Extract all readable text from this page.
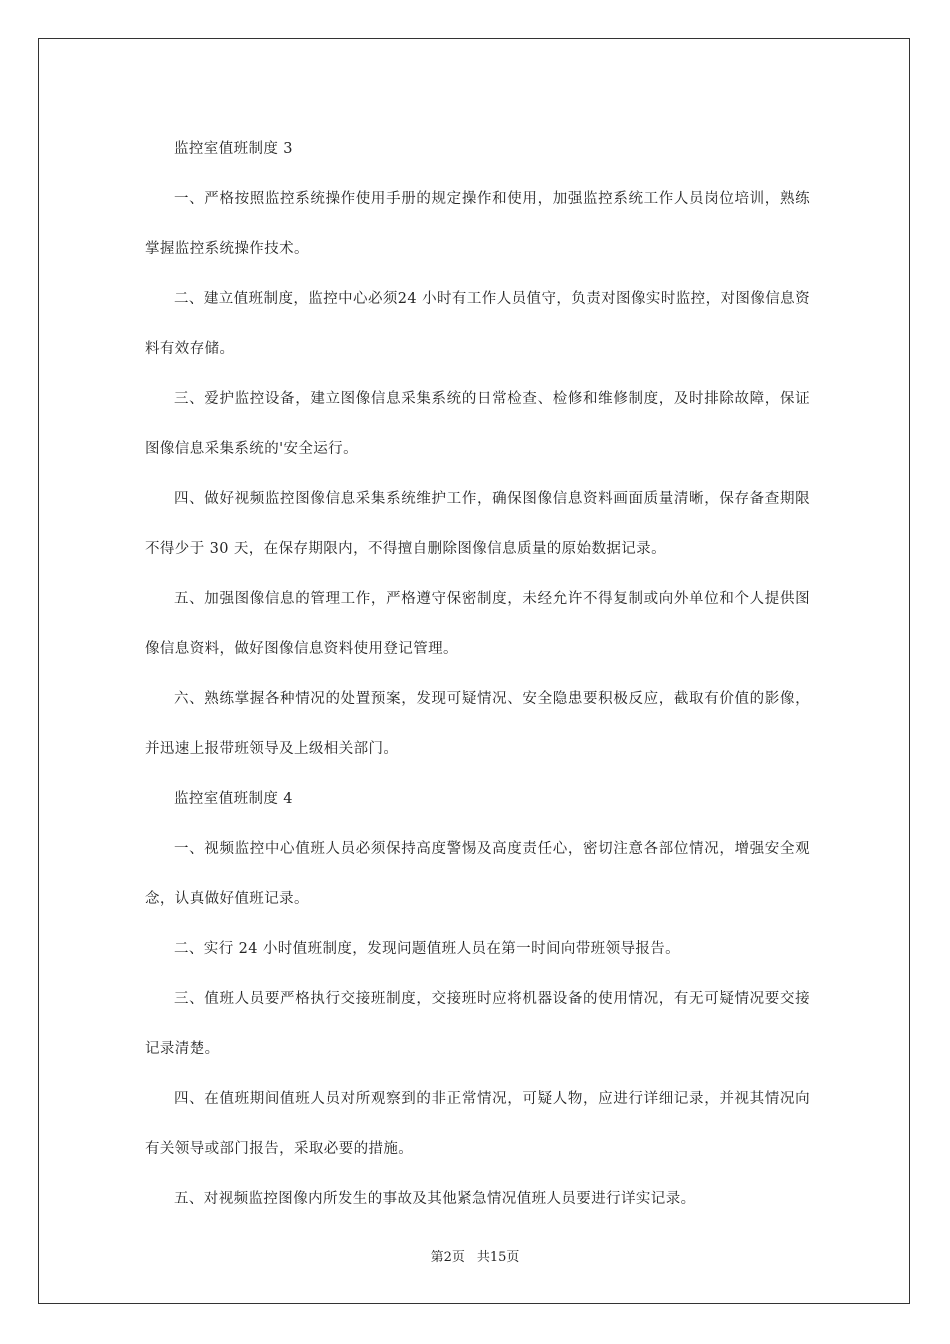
监控室值班制度 3

一、严格按照监控系统操作使用手册的规定操作和使用，加强监控系统工作人员岗位培训，熟练掌握监控系统操作技术。

二、建立值班制度，监控中心必须24 小时有工作人员值守，负责对图像实时监控，对图像信息资料有效存储。

三、爱护监控设备，建立图像信息采集系统的日常检查、检修和维修制度，及时排除故障，保证图像信息采集系统的'安全运行。

四、做好视频监控图像信息采集系统维护工作，确保图像信息资料画面质量清晰，保存备查期限不得少于 30 天，在保存期限内，不得擅自删除图像信息质量的原始数据记录。

五、加强图像信息的管理工作，严格遵守保密制度，未经允许不得复制或向外单位和个人提供图像信息资料，做好图像信息资料使用登记管理。

六、熟练掌握各种情况的处置预案，发现可疑情况、安全隐患要积极反应，截取有价值的影像，并迅速上报带班领导及上级相关部门。

监控室值班制度 4

一、视频监控中心值班人员必须保持高度警惕及高度责任心，密切注意各部位情况，增强安全观念，认真做好值班记录。

二、实行 24 小时值班制度，发现问题值班人员在第一时间向带班领导报告。

三、值班人员要严格执行交接班制度，交接班时应将机器设备的使用情况，有无可疑情况要交接记录清楚。

四、在值班期间值班人员对所观察到的非正常情况，可疑人物，应进行详细记录，并视其情况向有关领导或部门报告，采取必要的措施。

五、对视频监控图像内所发生的事故及其他紧急情况值班人员要进行详实记录。

第2页 共15页
